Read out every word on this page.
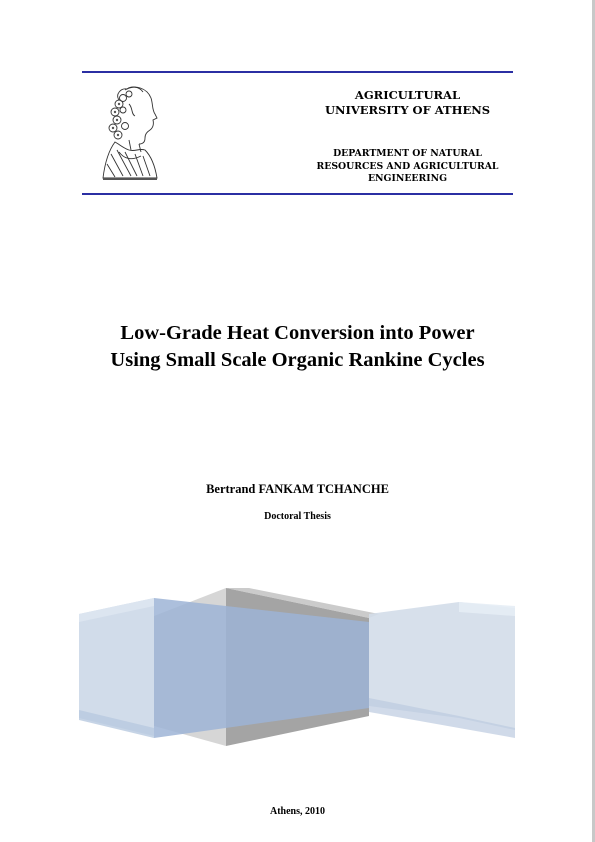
AGRICULTURAL
UNIVERSITY OF ATHENS
DEPARTMENT OF NATURAL
RESOURCES AND AGRICULTURAL
ENGINEERING
Low-Grade Heat Conversion into Power
Using Small Scale Organic Rankine Cycles
Bertrand FANKAM TCHANCHE
Doctoral Thesis
Athens, 2010
